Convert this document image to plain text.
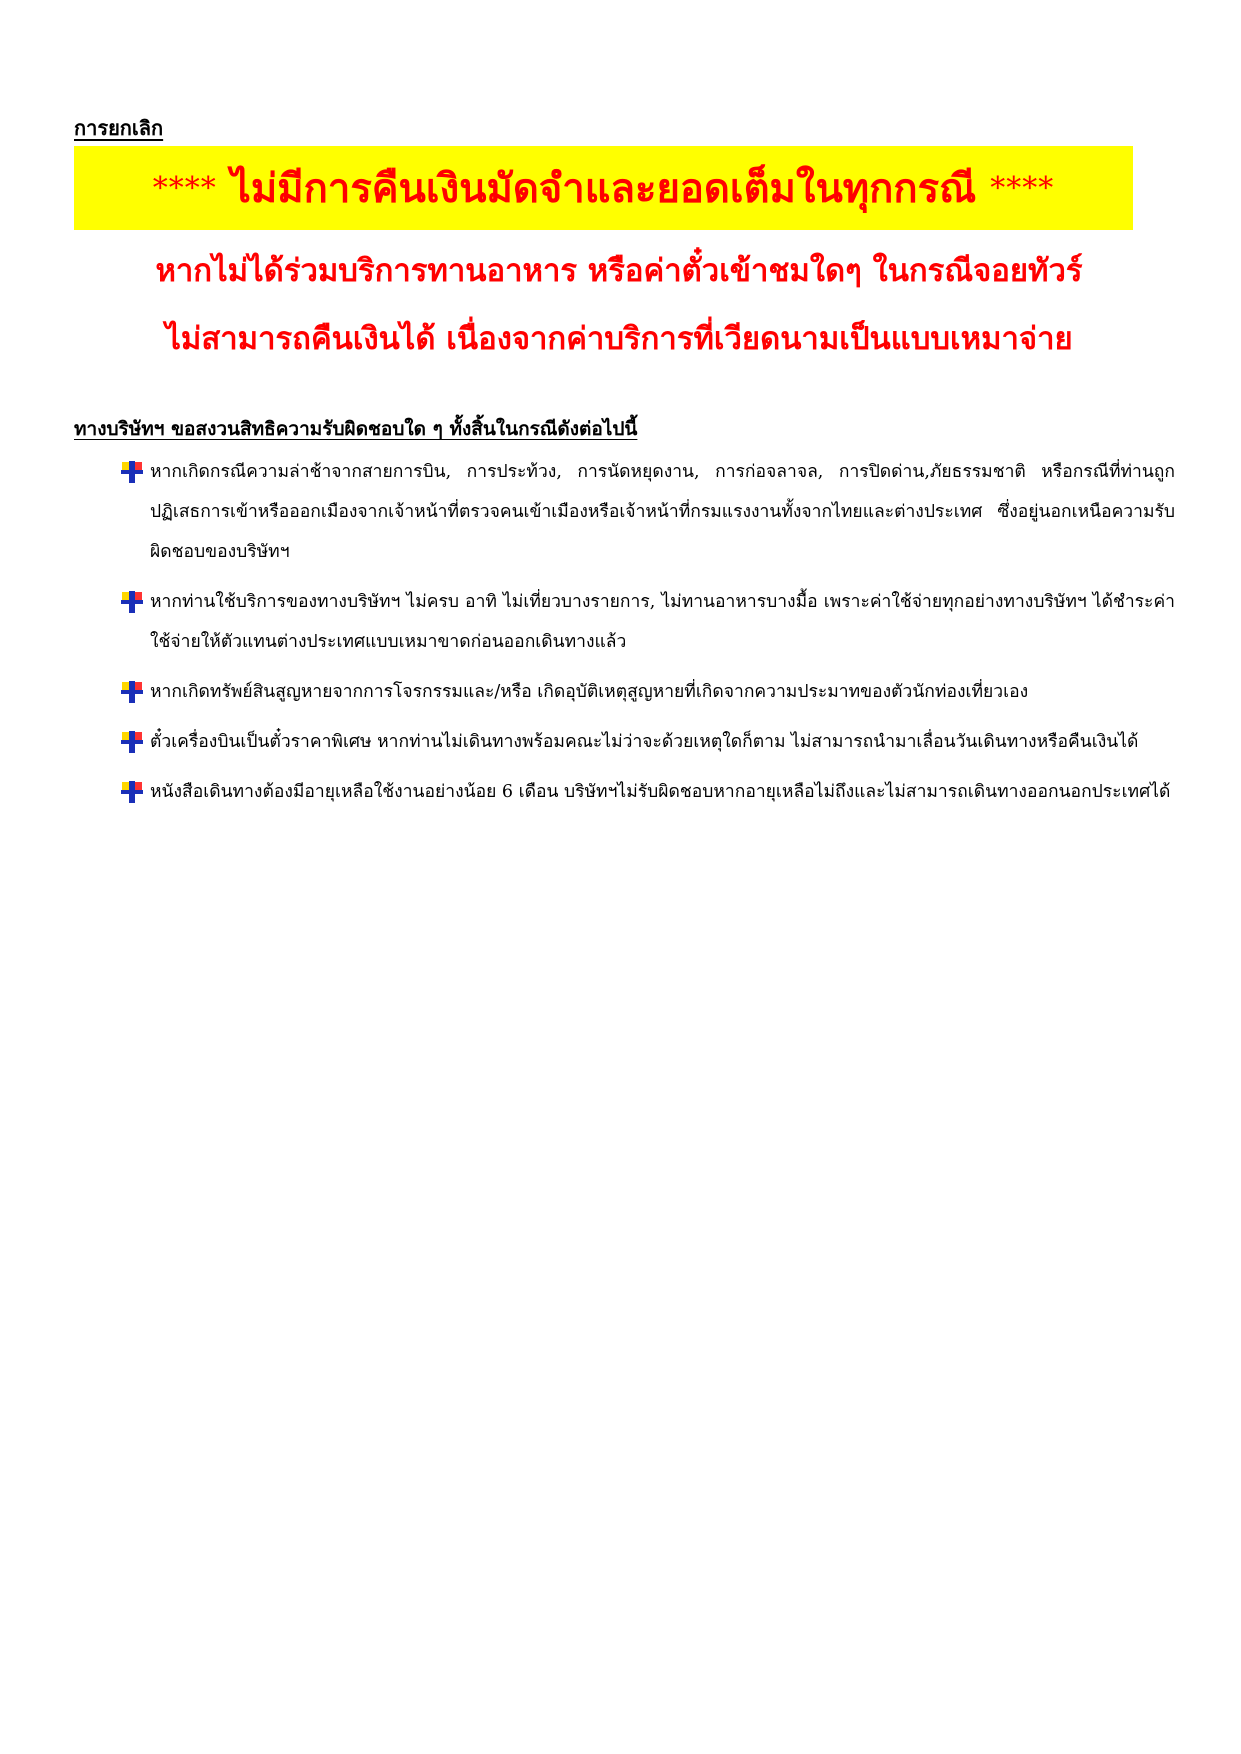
การยกเลิก
**** ไม่มีการคืนเงินมัดจำและยอดเต็มในทุกกรณี ****
หากไม่ได้ร่วมบริการทานอาหาร หรือค่าตั๋วเข้าชมใดๆ ในกรณีจอยทัวร์
ไม่สามารถคืนเงินได้ เนื่องจากค่าบริการที่เวียดนามเป็นแบบเหมาจ่าย
ทางบริษัทฯ ขอสงวนสิทธิความรับผิดชอบใด ๆ ทั้งสิ้นในกรณีดังต่อไปนี้
หากเกิดกรณีความล่าช้าจากสายการบิน, การประท้วง, การนัดหยุดงาน, การก่อจลาจล, การปิดด่าน,ภัยธรรมชาติ หรือกรณีที่ท่านถูกปฏิเสธการเข้าหรือออกเมืองจากเจ้าหน้าที่ตรวจคนเข้าเมืองหรือเจ้าหน้าที่กรมแรงงานทั้งจากไทยและต่างประเทศ ซึ่งอยู่นอกเหนือความรับผิดชอบของบริษัทฯ
หากท่านใช้บริการของทางบริษัทฯ ไม่ครบ อาทิ ไม่เที่ยวบางรายการ, ไม่ทานอาหารบางมื้อ เพราะค่าใช้จ่ายทุกอย่างทางบริษัทฯ ได้ชำระค่าใช้จ่ายให้ตัวแทนต่างประเทศแบบเหมาขาดก่อนออกเดินทางแล้ว
หากเกิดทรัพย์สินสูญหายจากการโจรกรรมและ/หรือ เกิดอุบัติเหตุสูญหายที่เกิดจากความประมาทของตัวนักท่องเที่ยวเอง
ตั๋วเครื่องบินเป็นตั๋วราคาพิเศษ หากท่านไม่เดินทางพร้อมคณะไม่ว่าจะด้วยเหตุใดก็ตาม ไม่สามารถนำมาเลื่อนวันเดินทางหรือคืนเงินได้
หนังสือเดินทางต้องมีอายุเหลือใช้งานอย่างน้อย 6 เดือน บริษัทฯไม่รับผิดชอบหากอายุเหลือไม่ถึงและไม่สามารถเดินทางออกนอกประเทศได้
